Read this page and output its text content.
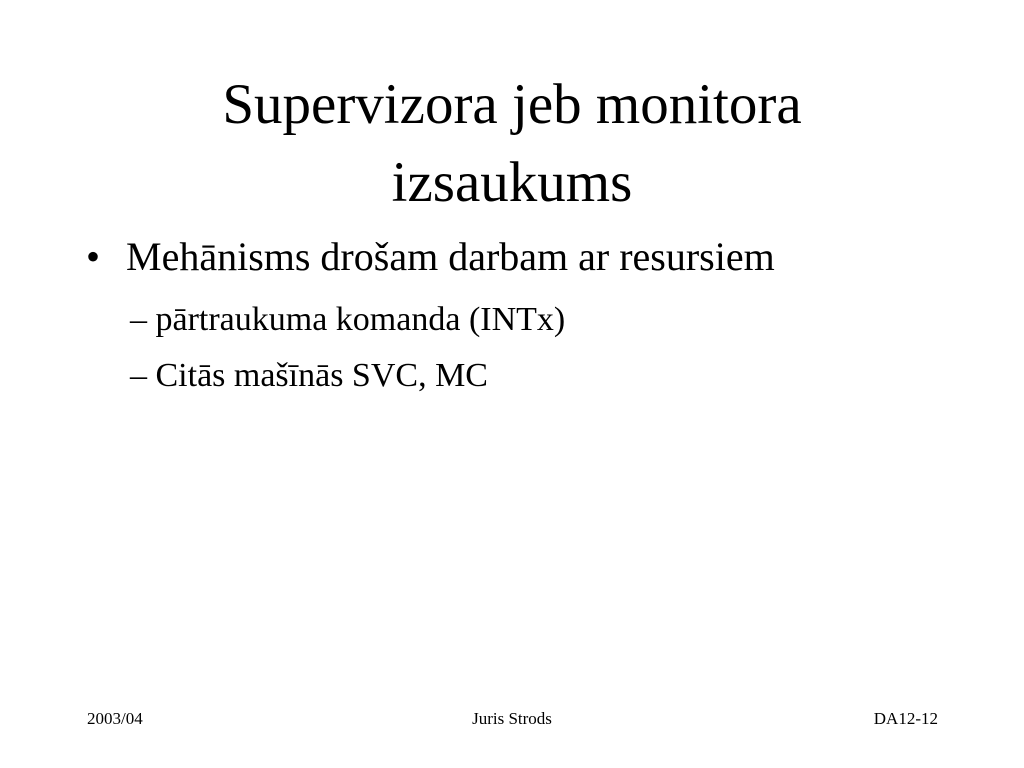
Supervizora jeb monitora
izsaukums
• Mehānisms drošam darbam ar resursiem
– pārtraukuma komanda (INTx)
– Citās mašīnās SVC, MC
2003/04	Juris Strods	DA12-12
